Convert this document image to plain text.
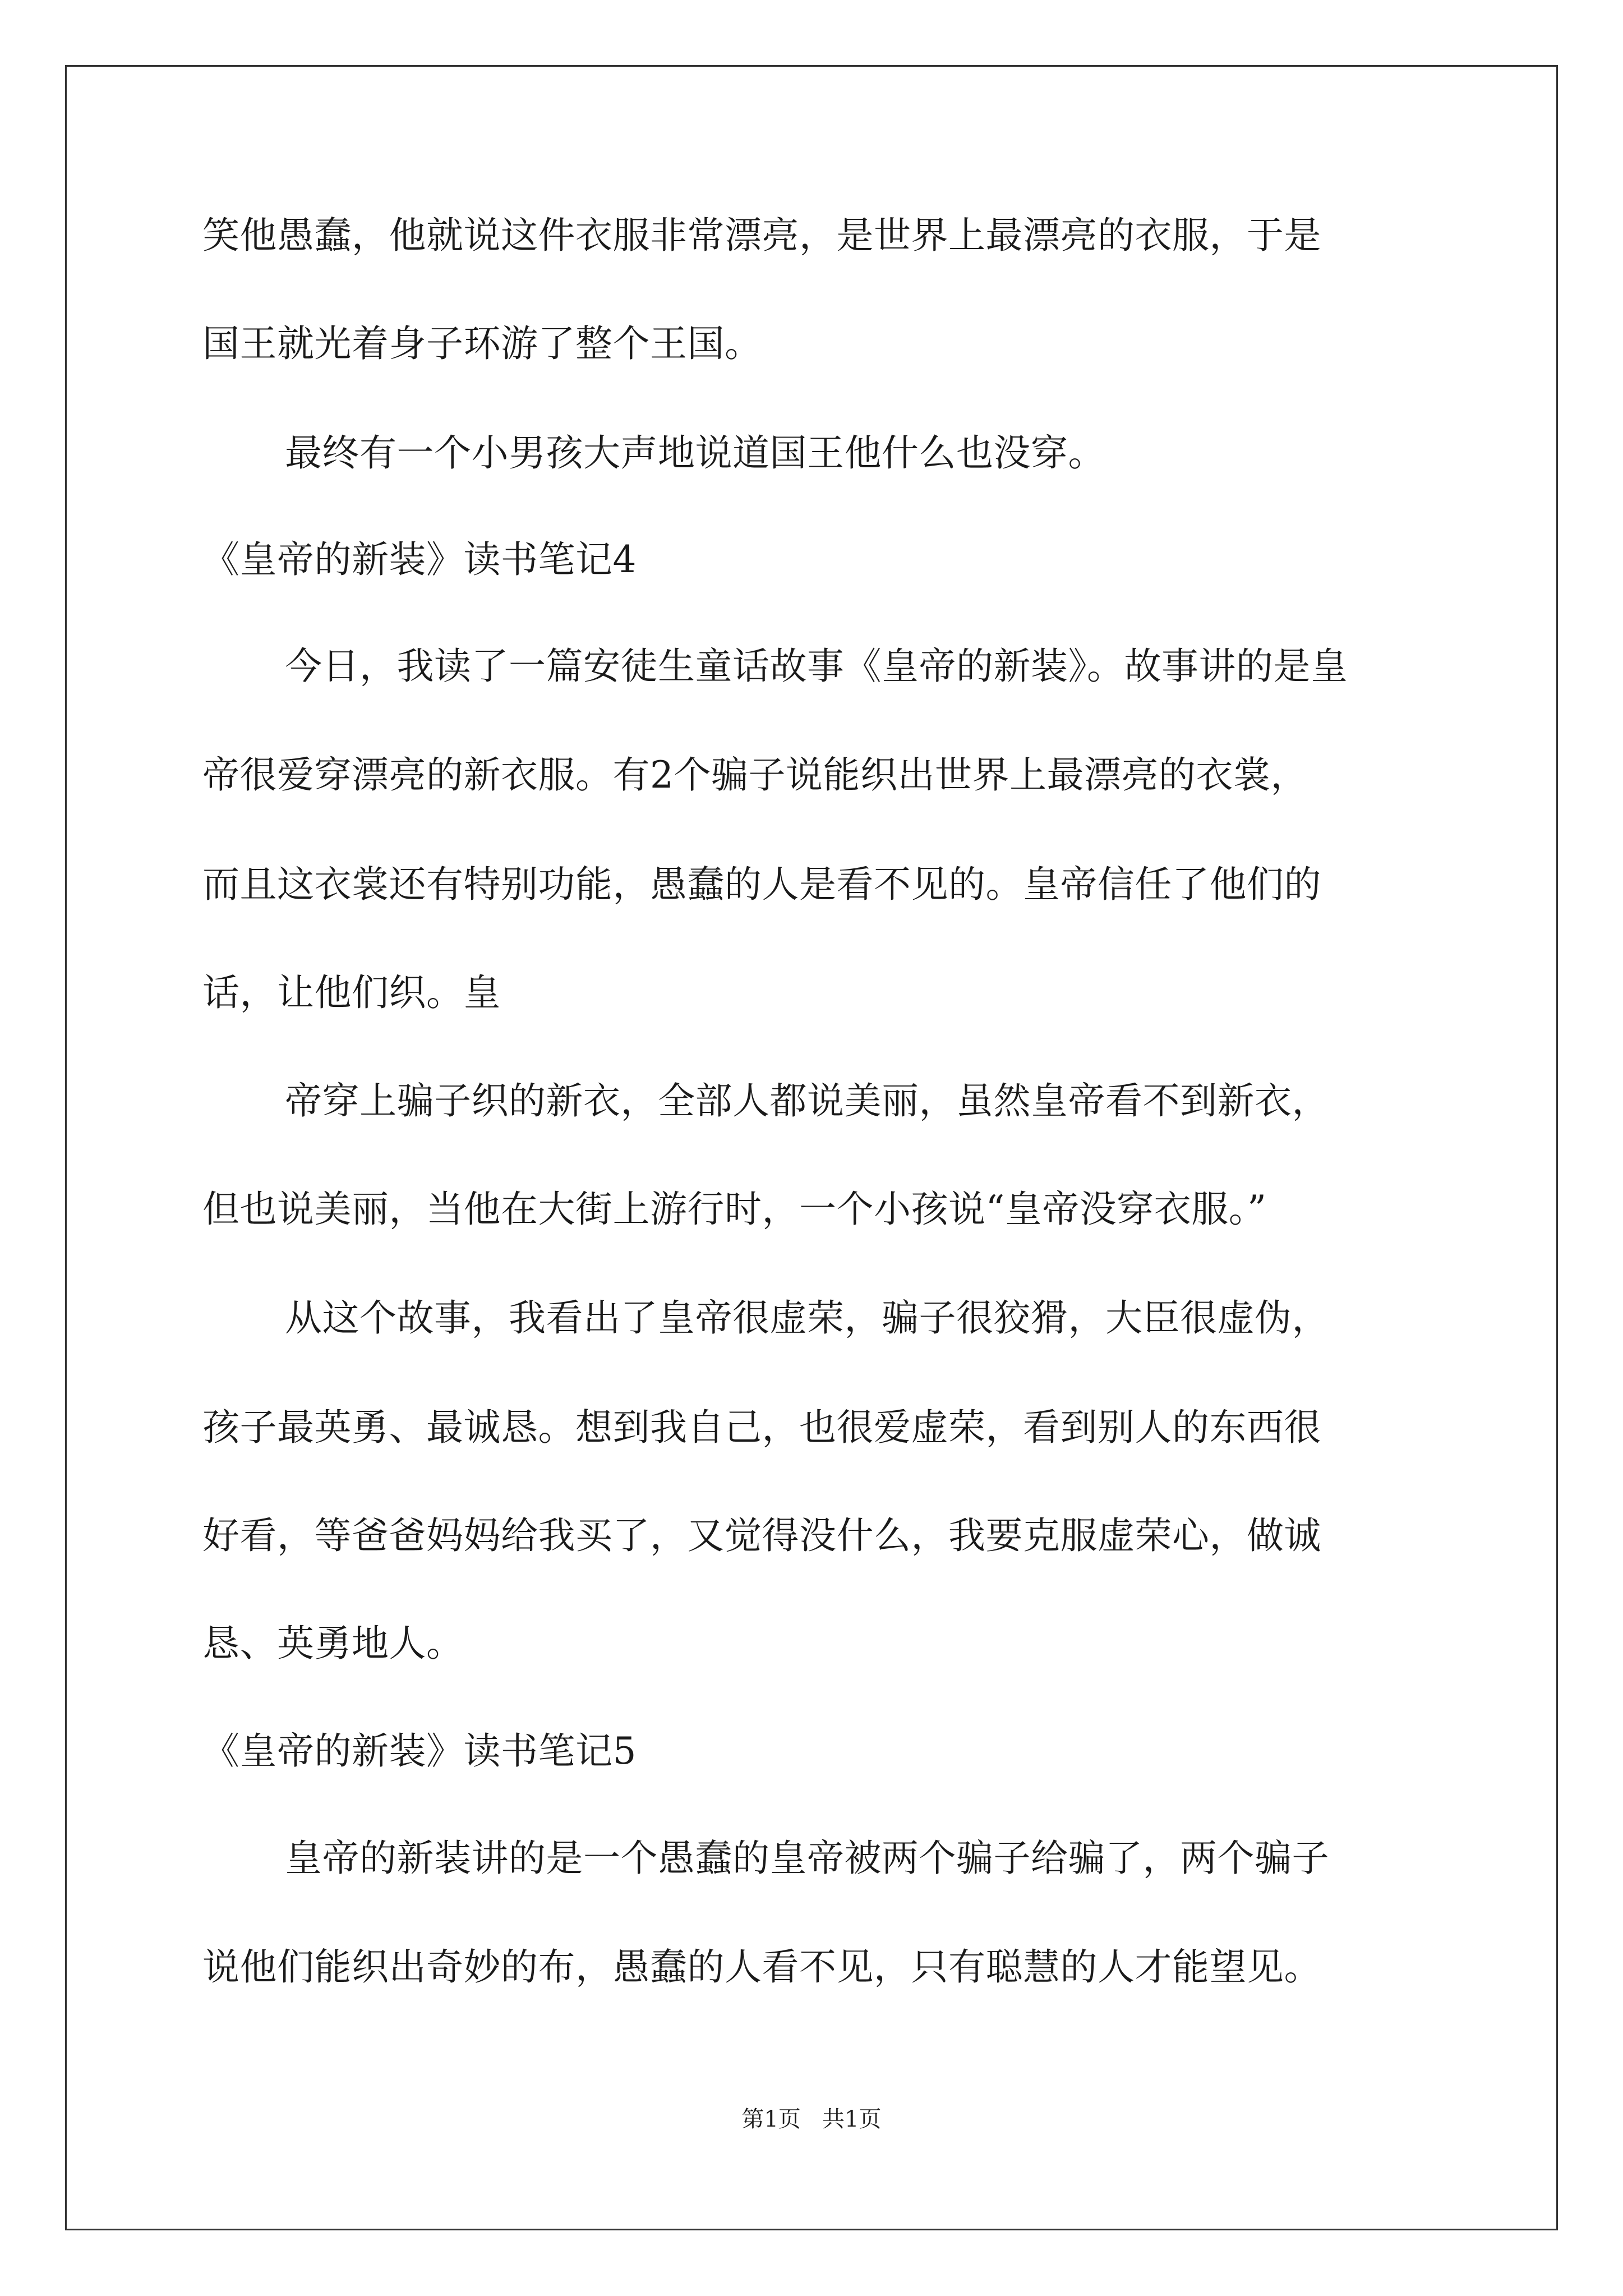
笑他愚蠢，他就说这件衣服非常漂亮，是世界上最漂亮的衣服，于是
国王就光着身子环游了整个王国。
最终有一个小男孩大声地说道国王他什么也没穿。
《皇帝的新装》读书笔记4
今日，我读了一篇安徒生童话故事《皇帝的新装》。故事讲的是皇
帝很爱穿漂亮的新衣服。有2个骗子说能织出世界上最漂亮的衣裳，
而且这衣裳还有特别功能，愚蠢的人是看不见的。皇帝信任了他们的
话，让他们织。皇
帝穿上骗子织的新衣，全部人都说美丽，虽然皇帝看不到新衣，
但也说美丽，当他在大街上游行时，一个小孩说“皇帝没穿衣服。”
从这个故事，我看出了皇帝很虚荣，骗子很狡猾，大臣很虚伪，
孩子最英勇、最诚恳。想到我自己，也很爱虚荣，看到别人的东西很
好看，等爸爸妈妈给我买了，又觉得没什么，我要克服虚荣心，做诚
恳、英勇地人。
《皇帝的新装》读书笔记5
皇帝的新装讲的是一个愚蠢的皇帝被两个骗子给骗了，两个骗子
说他们能织出奇妙的布，愚蠢的人看不见，只有聪慧的人才能望见。
第1页   共1页
